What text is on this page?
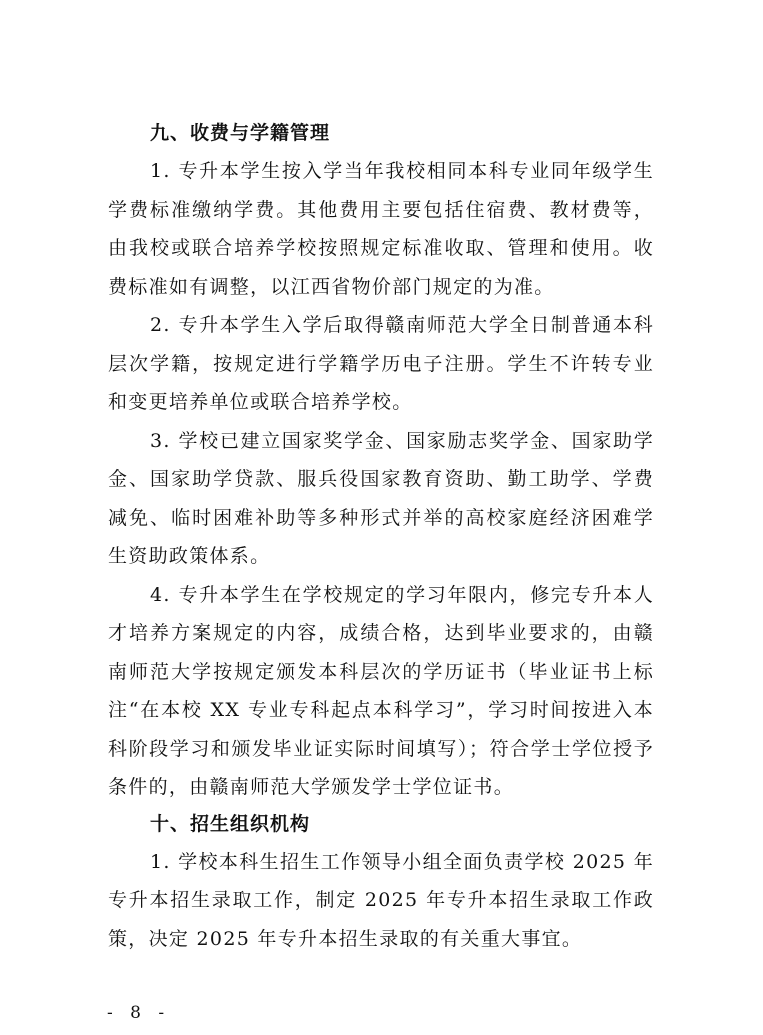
九、收费与学籍管理

1. 专升本学生按入学当年我校相同本科专业同年级学生学费标准缴纳学费。其他费用主要包括住宿费、教材费等，由我校或联合培养学校按照规定标准收取、管理和使用。收费标准如有调整，以江西省物价部门规定的为准。

2. 专升本学生入学后取得赣南师范大学全日制普通本科层次学籍，按规定进行学籍学历电子注册。学生不许转专业和变更培养单位或联合培养学校。

3. 学校已建立国家奖学金、国家励志奖学金、国家助学金、国家助学贷款、服兵役国家教育资助、勤工助学、学费减免、临时困难补助等多种形式并举的高校家庭经济困难学生资助政策体系。

4. 专升本学生在学校规定的学习年限内，修完专升本人才培养方案规定的内容，成绩合格，达到毕业要求的，由赣南师范大学按规定颁发本科层次的学历证书（毕业证书上标注“在本校 XX 专业专科起点本科学习”，学习时间按进入本科阶段学习和颁发毕业证实际时间填写）；符合学士学位授予条件的，由赣南师范大学颁发学士学位证书。

十、招生组织机构

1. 学校本科生招生工作领导小组全面负责学校 2025 年专升本招生录取工作，制定 2025 年专升本招生录取工作政策，决定 2025 年专升本招生录取的有关重大事宜。

- 8 -
